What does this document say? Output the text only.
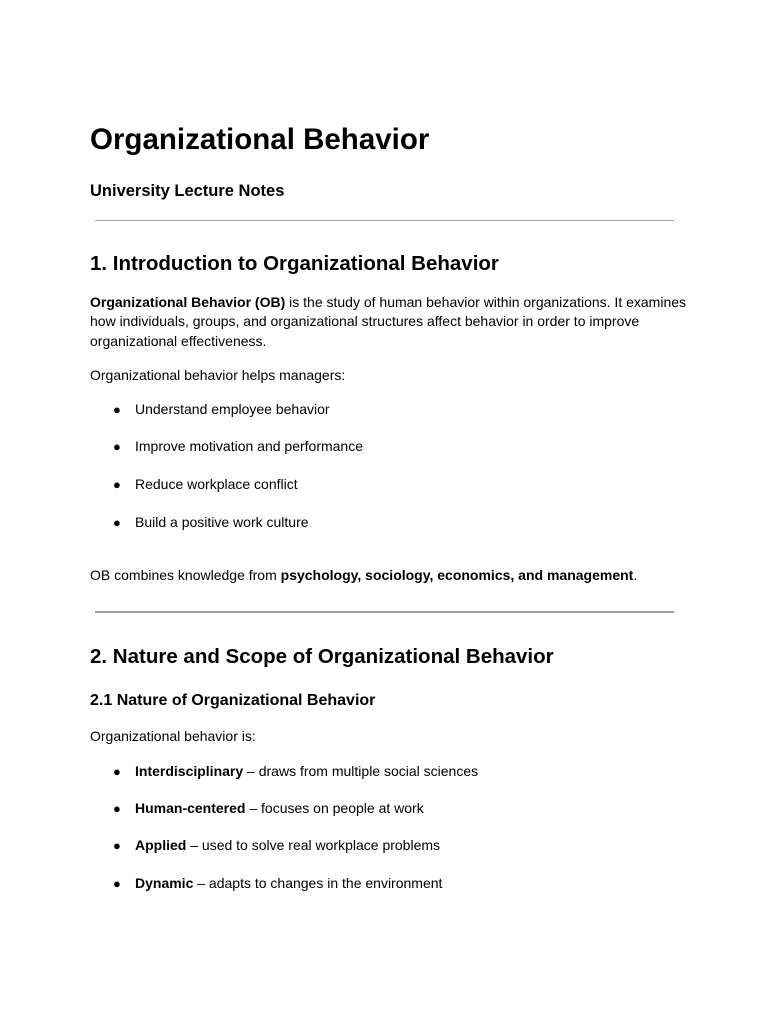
Organizational Behavior
University Lecture Notes
1. Introduction to Organizational Behavior

Organizational Behavior (OB) is the study of human behavior within organizations. It examines how individuals, groups, and organizational structures affect behavior in order to improve organizational effectiveness.

Organizational behavior helps managers:

● Understand employee behavior
● Improve motivation and performance
● Reduce workplace conflict
● Build a positive work culture

OB combines knowledge from psychology, sociology, economics, and management.

2. Nature and Scope of Organizational Behavior
2.1 Nature of Organizational Behavior

Organizational behavior is:

● Interdisciplinary – draws from multiple social sciences
● Human-centered – focuses on people at work
● Applied – used to solve real workplace problems
● Dynamic – adapts to changes in the environment
